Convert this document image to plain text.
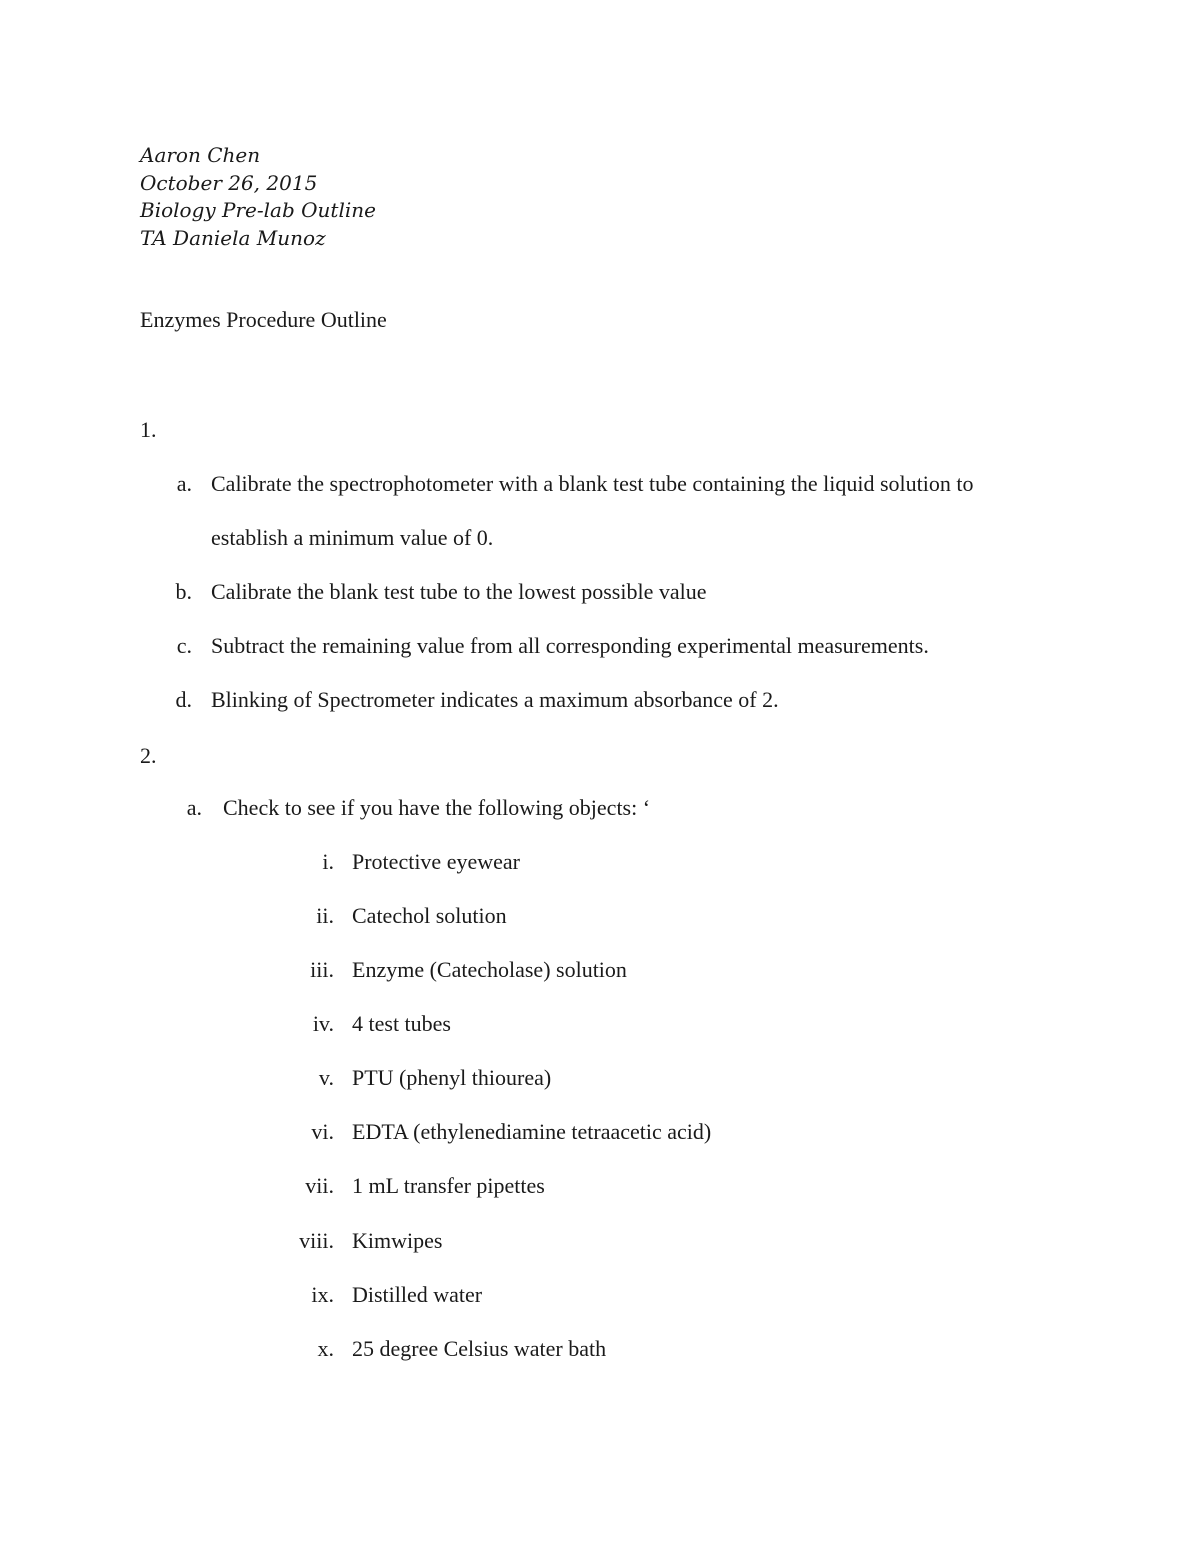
Aaron Chen
October 26, 2015
Biology Pre-lab Outline
TA Daniela Munoz
Enzymes Procedure Outline
1.
a. Calibrate the spectrophotometer with a blank test tube containing the liquid solution to
establish a minimum value of 0.
b. Calibrate the blank test tube to the lowest possible value
c. Subtract the remaining value from all corresponding experimental measurements.
d. Blinking of Spectrometer indicates a maximum absorbance of 2.
2.
a. Check to see if you have the following objects: ‘
i. Protective eyewear
ii. Catechol solution
iii. Enzyme (Catecholase) solution
iv. 4 test tubes
v. PTU (phenyl thiourea)
vi. EDTA (ethylenediamine tetraacetic acid)
vii. 1 mL transfer pipettes
viii. Kimwipes
ix. Distilled water
x. 25 degree Celsius water bath
